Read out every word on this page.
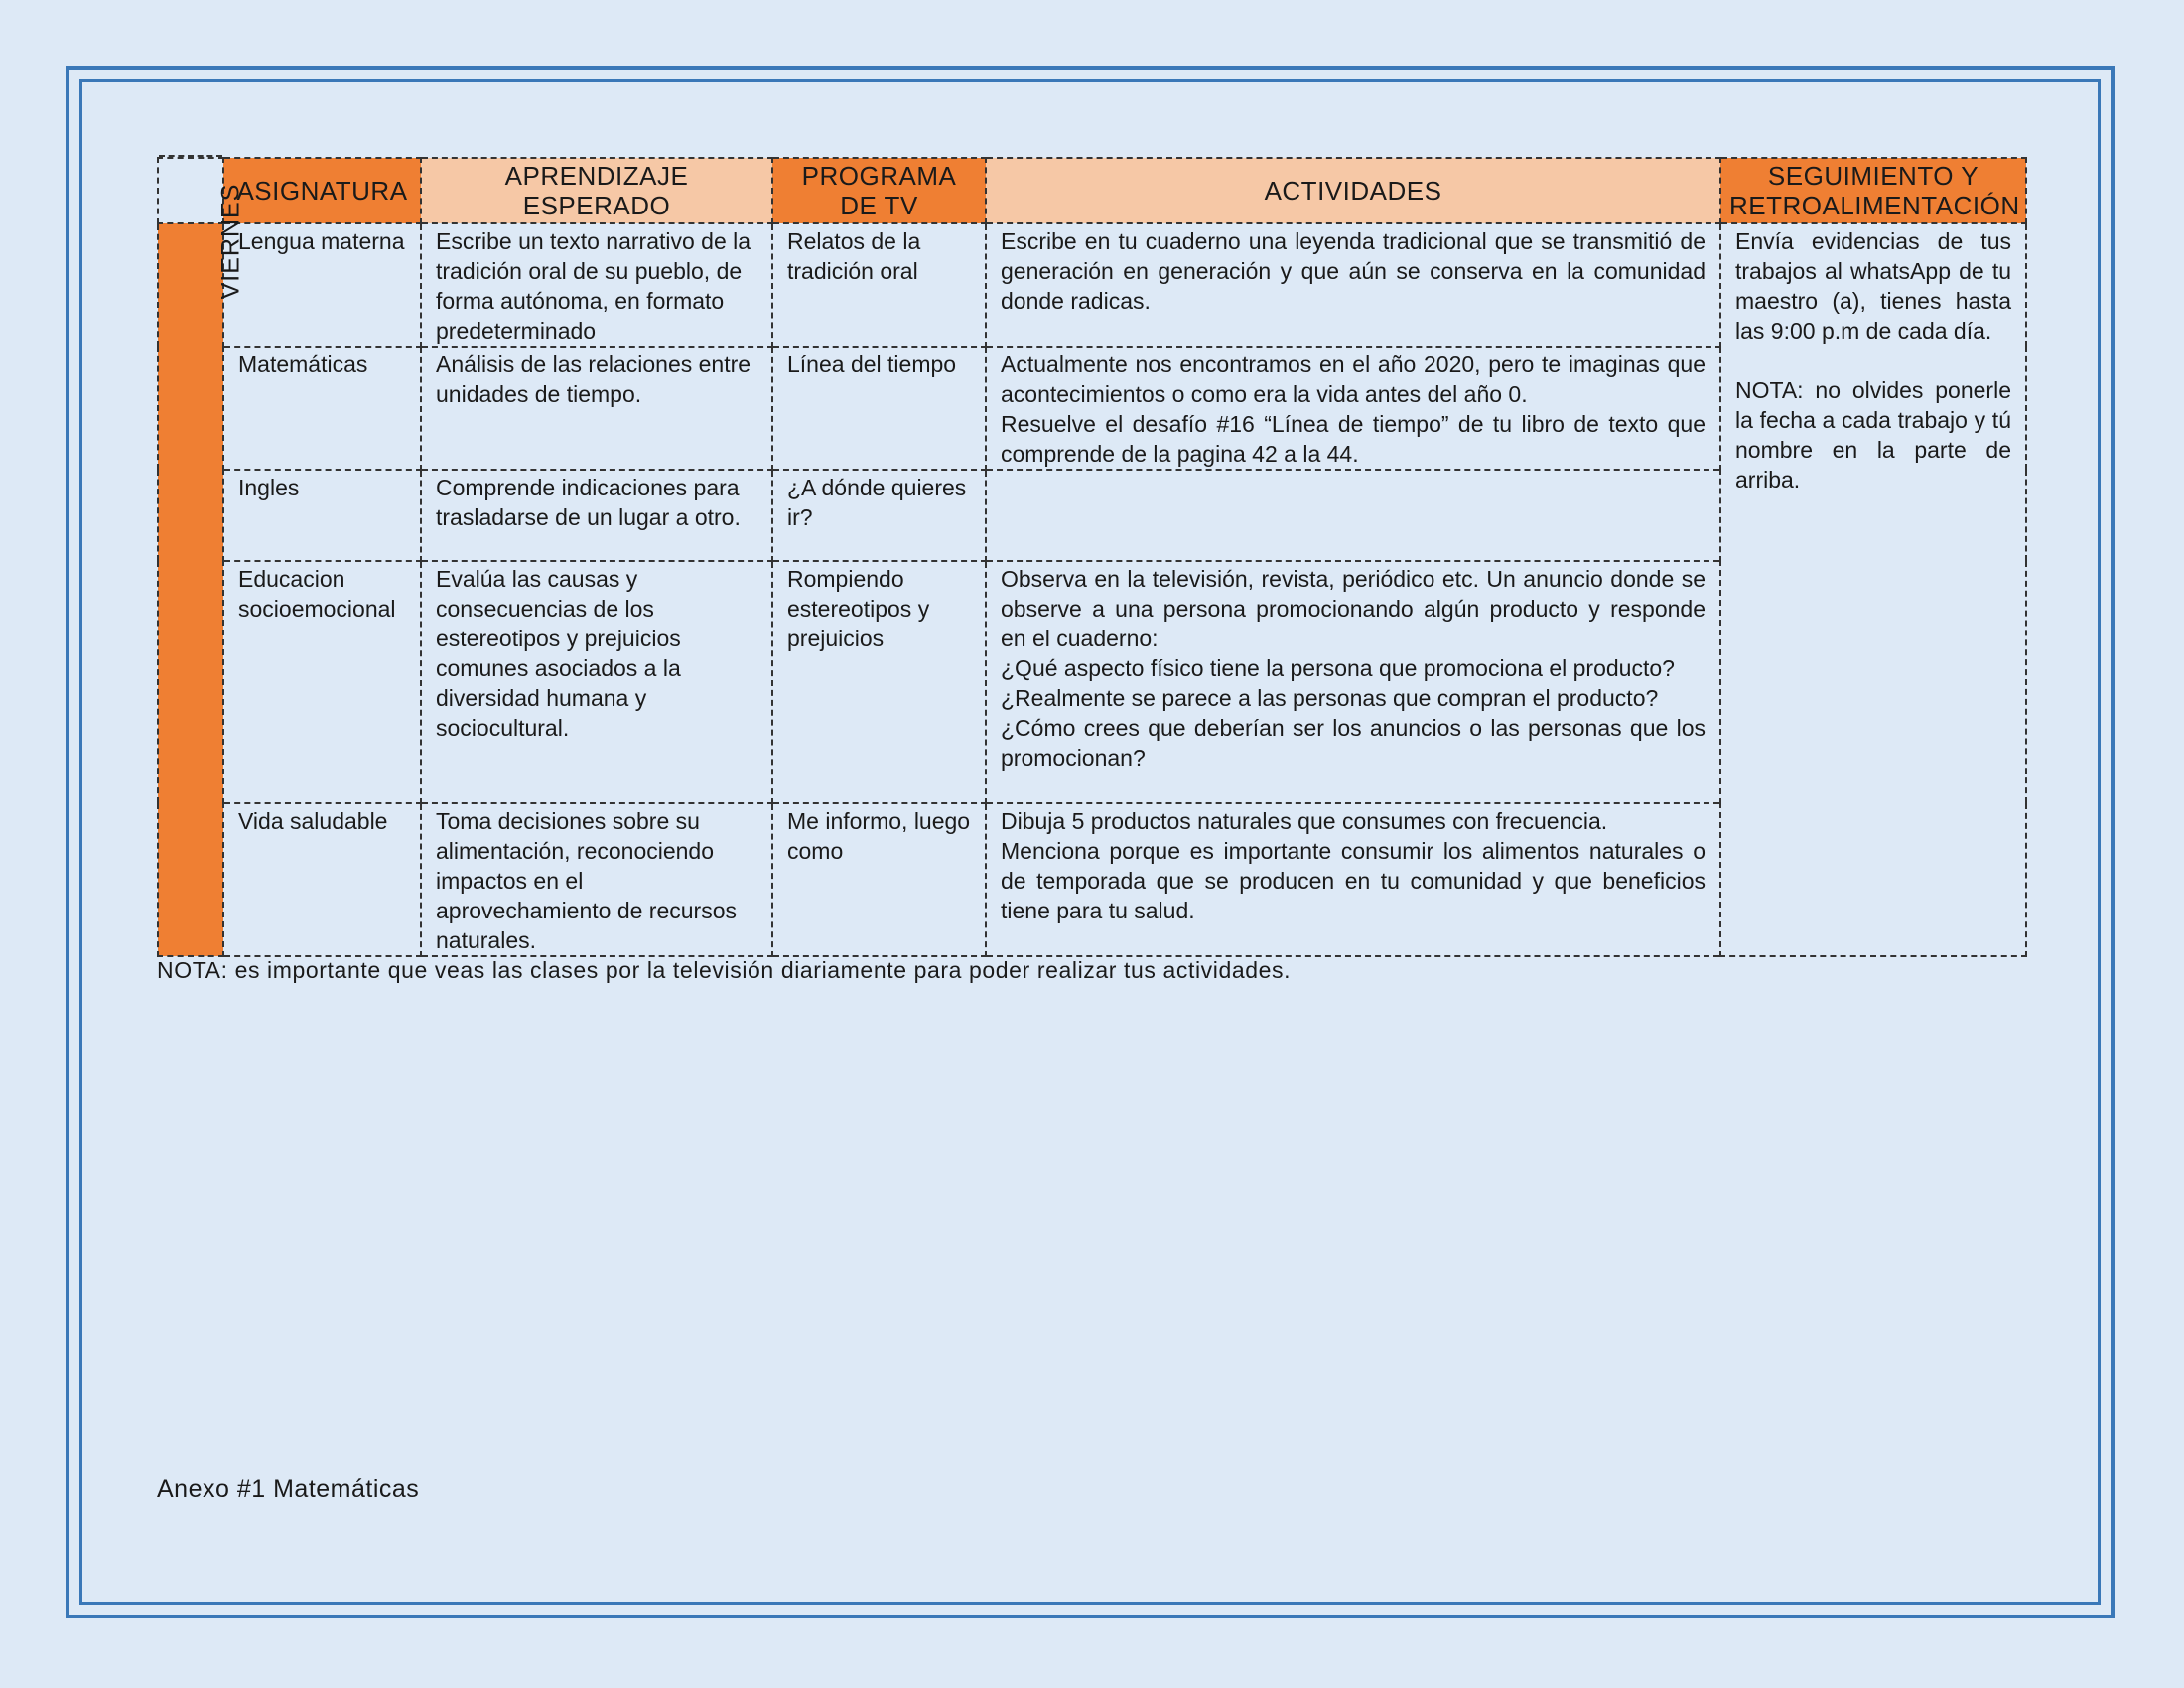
	ASIGNATURA	APRENDIZAJE ESPERADO	PROGRAMA DE TV	ACTIVIDADES	SEGUIMIENTO Y RETROALIMENTACIÓN
VIERNES	Lengua materna	Escribe un texto narrativo de la tradición oral de su pueblo, de forma autónoma, en formato predeterminado	Relatos de la tradición oral	Escribe en tu cuaderno una leyenda tradicional que se transmitió de generación en generación y que aún se conserva en la comunidad donde radicas.	Envía evidencias de tus trabajos al whatsApp de tu maestro (a), tienes hasta las 9:00 p.m de cada día.

NOTA: no olvides ponerle la fecha a cada trabajo y tú nombre en la parte de arriba.

	Matemáticas	Análisis de las relaciones entre unidades de tiempo.	Línea del tiempo	Actualmente nos encontramos en el año 2020, pero te imaginas que acontecimientos o como era la vida antes del año 0.

Resuelve el desafío #16 “Línea de tiempo” de tu libro de texto que comprende de la pagina 42 a la 44.	

	Ingles	Comprende indicaciones para trasladarse de un lugar a otro.	¿A dónde quieres ir?		
	Educacion socioemocional	Evalúa las causas y consecuencias de los estereotipos y prejuicios comunes asociados a la diversidad humana y sociocultural.	Rompiendo estereotipos y prejuicios	Observa en la televisión, revista, periódico etc. Un anuncio donde se observe a una persona promocionando algún producto y responde en el cuaderno:

¿Qué aspecto físico tiene la persona que promociona el producto?

¿Realmente se parece a las personas que compran el producto?

¿Cómo crees que deberían ser los anuncios o las personas que los promocionan?	

	Vida saludable	Toma decisiones sobre su alimentación, reconociendo impactos en el aprovechamiento de recursos naturales.	Me informo, luego como	Dibuja 5 productos naturales que consumes con frecuencia.

Menciona porque es importante consumir los alimentos naturales o de temporada que se producen en tu comunidad y que beneficios tiene para tu salud.	

NOTA: es importante que veas las clases por la televisión diariamente para poder realizar tus actividades.
Anexo #1 Matemáticas
